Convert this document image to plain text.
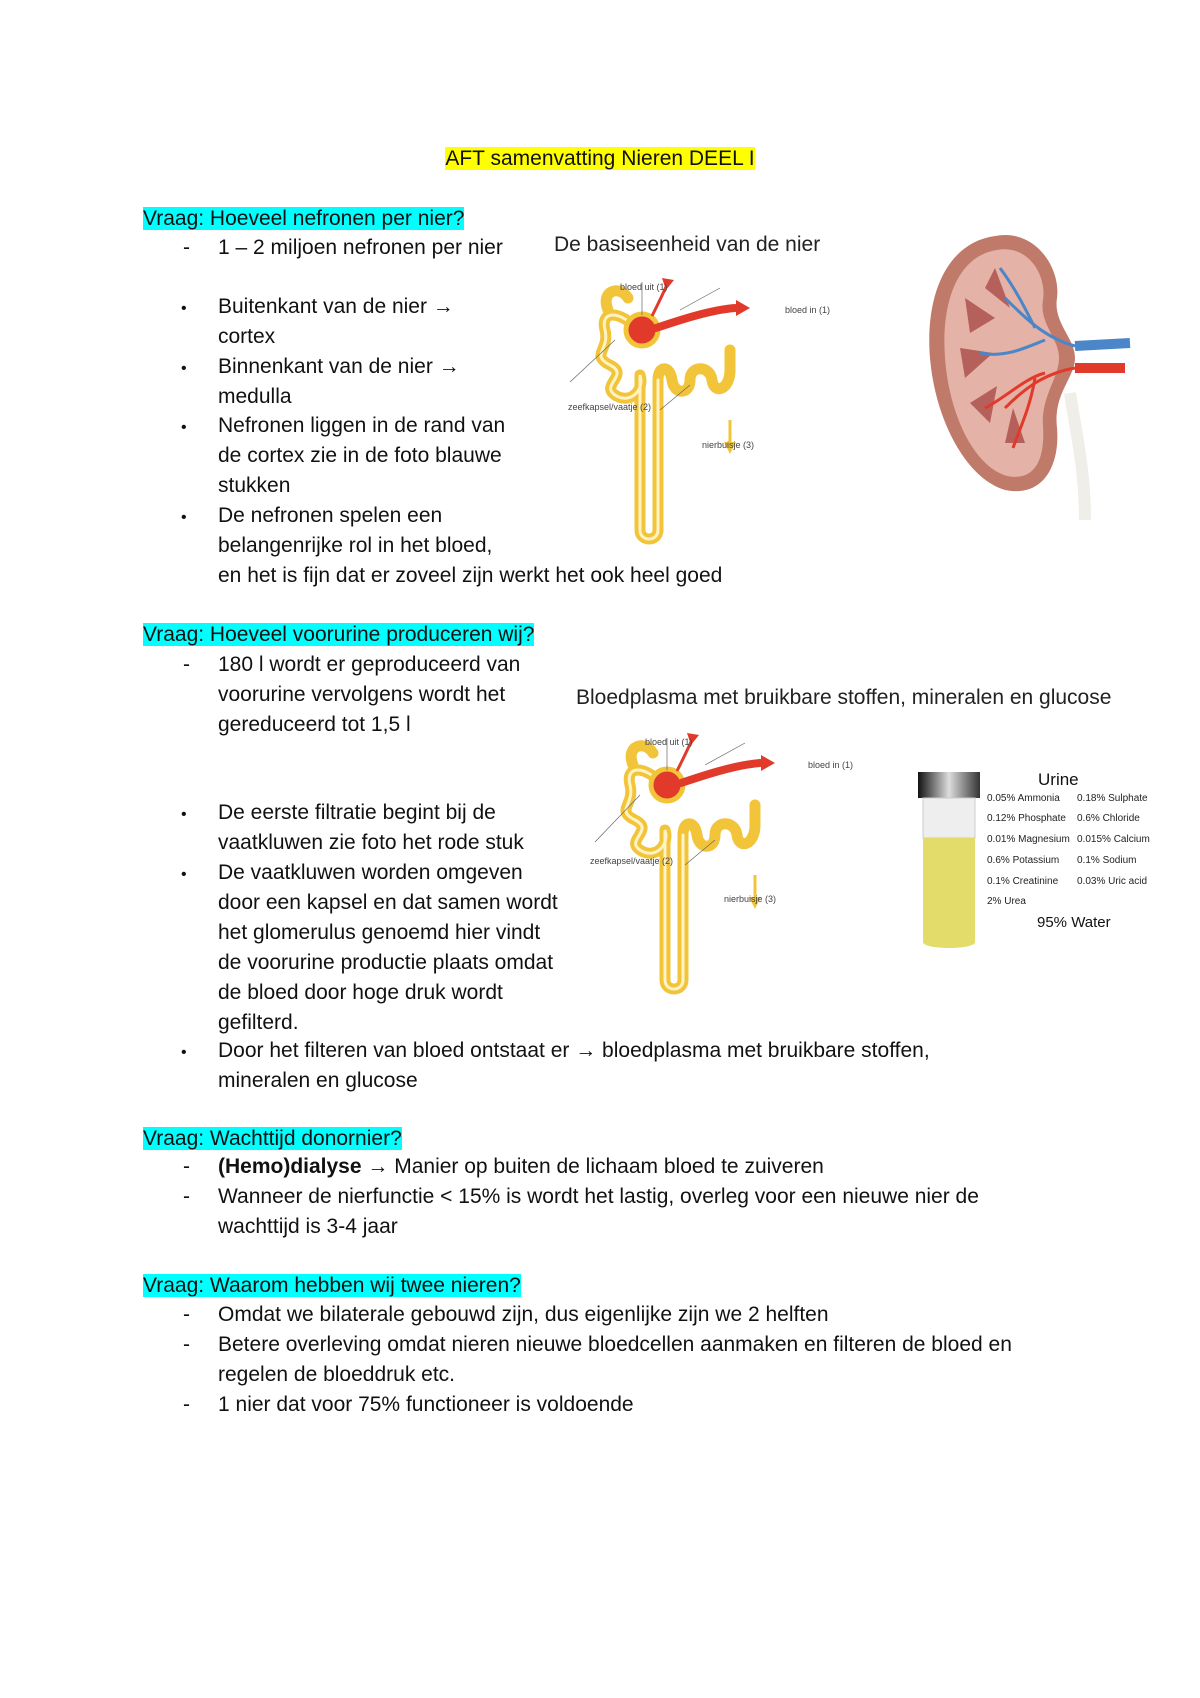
AFT samenvatting Nieren DEEL I
Vraag: Hoeveel nefronen per nier?
- 1 – 2 miljoen nefronen per nier
• Buitenkant van de nier → cortex
• Binnenkant van de nier → medulla
• Nefronen liggen in de rand van de cortex zie in de foto blauwe stukken
• De nefronen spelen een belangenrijke rol in het bloed,
en het is fijn dat er zoveel zijn werkt het ook heel goed
De basiseenheid van de nier
bloed uit (1)
bloed in (1)
zeefkapsel/vaatje (2)
nierbuisje (3)
Vraag: Hoeveel voorurine produceren wij?
- 180 l wordt er geproduceerd van voorurine vervolgens wordt het gereduceerd tot 1,5 l
• De eerste filtratie begint bij de vaatkluwen zie foto het rode stuk
• De vaatkluwen worden omgeven door een kapsel en dat samen wordt het glomerulus genoemd hier vindt de voorurine productie plaats omdat de bloed door hoge druk wordt gefilterd.
• Door het filteren van bloed ontstaat er → bloedplasma met bruikbare stoffen, mineralen en glucose
Bloedplasma met bruikbare stoffen, mineralen en glucose
bloed uit (1)
bloed in (1)
zeefkapsel/vaatje (2)
nierbuisje (3)
Urine
0.05% Ammonia 0.18% Sulphate
0.12% Phosphate 0.6% Chloride
0.01% Magnesium 0.015% Calcium
0.6% Potassium 0.1% Sodium
0.1% Creatinine 0.03% Uric acid
2% Urea
95% Water
Vraag: Wachttijd donornier?
- (Hemo)dialyse → Manier op buiten de lichaam bloed te zuiveren
- Wanneer de nierfunctie < 15% is wordt het lastig, overleg voor een nieuwe nier de wachttijd is 3-4 jaar
Vraag: Waarom hebben wij twee nieren?
- Omdat we bilaterale gebouwd zijn, dus eigenlijke zijn we 2 helften
- Betere overleving omdat nieren nieuwe bloedcellen aanmaken en filteren de bloed en regelen de bloeddruk etc.
- 1 nier dat voor 75% functioneer is voldoende
